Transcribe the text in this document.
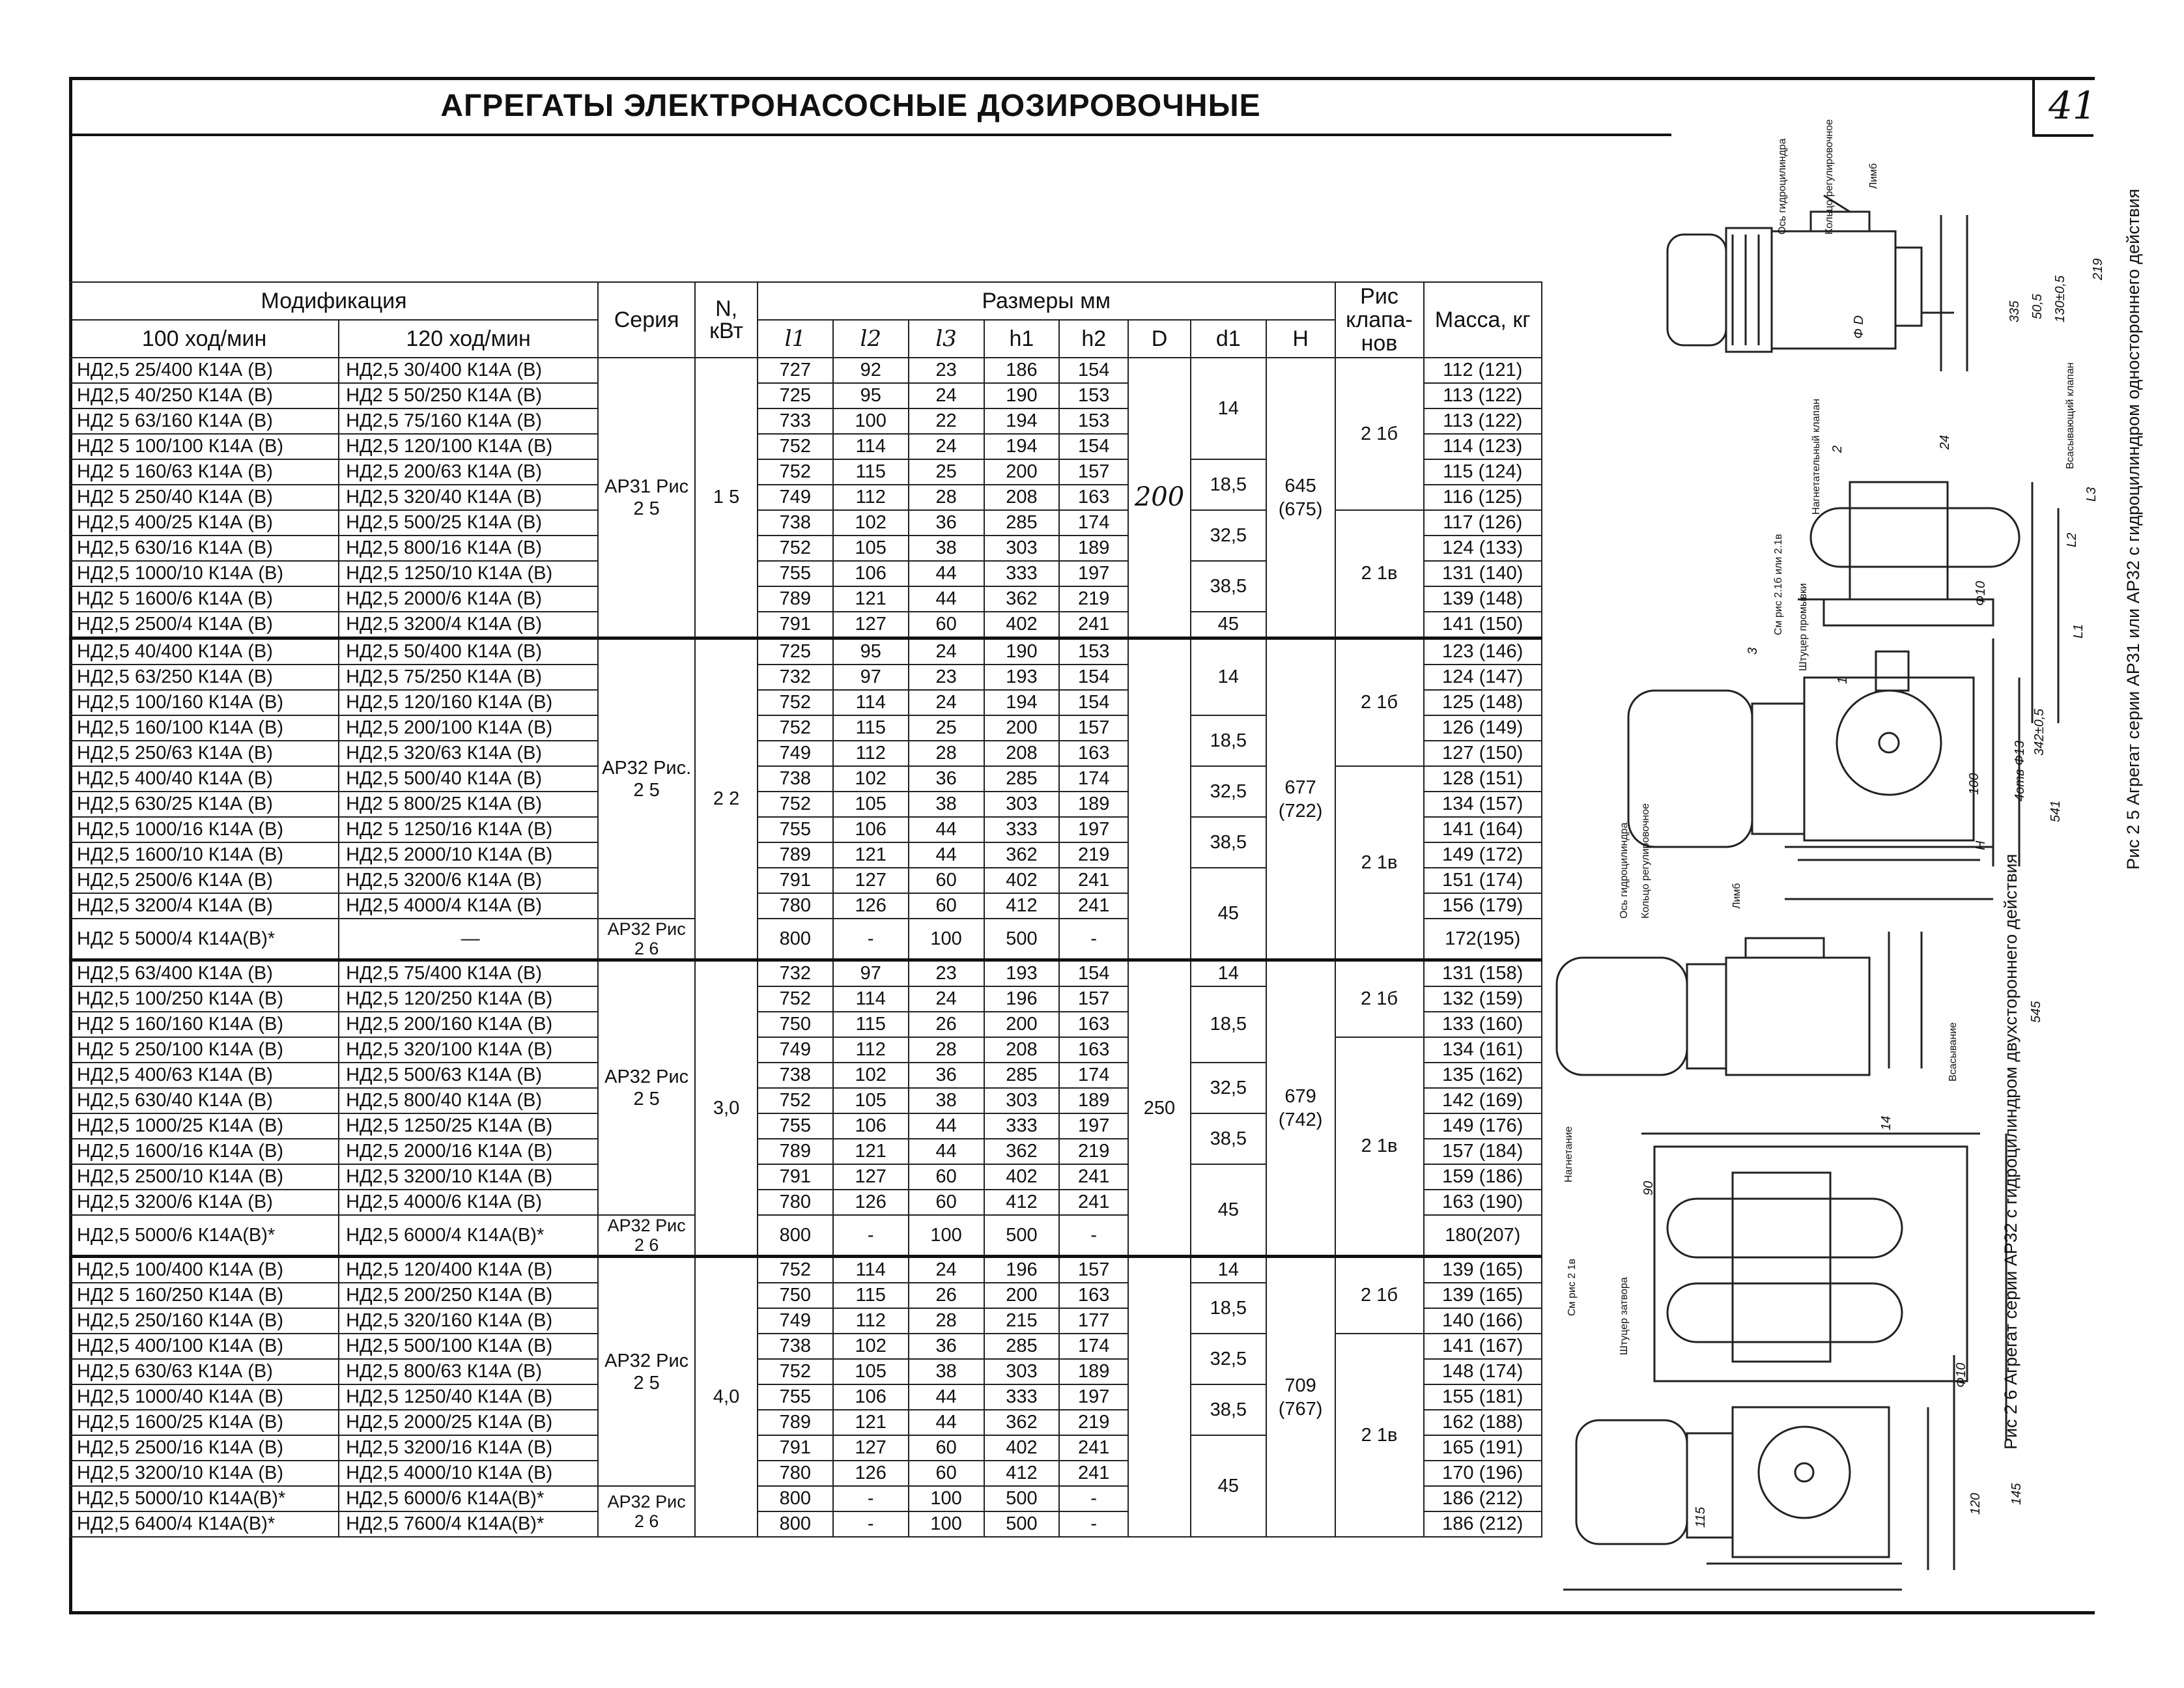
АГРЕГАТЫ ЭЛЕКТРОНАСОСНЫЕ ДОЗИРОВОЧНЫЕ	41
Модификация		Серия	N,
кВт	Размеры мм								Рис клапа-нов	Масса, кг
100 ход/мин	120 ход/мин			l1	l2	l3	h1	h2	D	d1	H		
НД2,5 25/400 К14А (В)	НД2,5 30/400 К14А (В)	АР31 Рис 2 5	1 5	727	92	23	186	154	200	14	645 (675)	2 1б	112 (121)
НД2,5 40/250 К14А (В)	НД2 5 50/250 К14А (В)			725	95	24	190	153					113 (122)
НД2 5 63/160 К14А (В)	НД2,5 75/160 К14А (В)			733	100	22	194	153					113 (122)
НД2 5 100/100 К14А (В)	НД2,5 120/100 К14А (В)			752	114	24	194	154					114 (123)
НД2 5 160/63 К14А (В)	НД2,5 200/63 К14А (В)			752	115	25	200	157		18,5			115 (124)
НД2 5 250/40 К14А (В)	НД2,5 320/40 К14А (В)			749	112	28	208	163					116 (125)
НД2,5 400/25 К14А (В)	НД2,5 500/25 К14А (В)			738	102	36	285	174		32,5		2 1в	117 (126)
НД2,5 630/16 К14А (В)	НД2,5 800/16 К14А (В)			752	105	38	303	189					124 (133)
НД2,5 1000/10 К14А (В)	НД2,5 1250/10 К14А (В)			755	106	44	333	197		38,5			131 (140)
НД2 5 1600/6 К14А (В)	НД2,5 2000/6 К14А (В)			789	121	44	362	219					139 (148)
НД2,5 2500/4 К14А (В)	НД2,5 3200/4 К14А (В)			791	127	60	402	241		45			141 (150)
НД2,5 40/400 К14А (В)	НД2,5 50/400 К14А (В)	АР32 Рис. 2 5	2 2	725	95	24	190	153		14	677 (722)	2 1б	123 (146)
НД2,5 63/250 К14А (В)	НД2,5 75/250 К14А (В)			732	97	23	193	154					124 (147)
НД2,5 100/160 К14А (В)	НД2,5 120/160 К14А (В)			752	114	24	194	154					125 (148)
НД2,5 160/100 К14А (В)	НД2,5 200/100 К14А (В)			752	115	25	200	157		18,5			126 (149)
НД2,5 250/63 К14А (В)	НД2,5 320/63 К14А (В)			749	112	28	208	163					127 (150)
НД2,5 400/40 К14А (В)	НД2,5 500/40 К14А (В)			738	102	36	285	174		32,5		2 1в	128 (151)
НД2,5 630/25 К14А (В)	НД2 5 800/25 К14А (В)			752	105	38	303	189					134 (157)
НД2,5 1000/16 К14А (В)	НД2 5 1250/16 К14А (В)			755	106	44	333	197		38,5			141 (164)
НД2,5 1600/10 К14А (В)	НД2,5 2000/10 К14А (В)			789	121	44	362	219					149 (172)
НД2,5 2500/6 К14А (В)	НД2,5 3200/6 К14А (В)			791	127	60	402	241		45			151 (174)
НД2,5 3200/4 К14А (В)	НД2,5 4000/4 К14А (В)			780	126	60	412	241					156 (179)
НД2 5 5000/4 К14А(В)*	—	АР32 Рис 2 6		800	-	100	500	-					172(195)
НД2,5 63/400 К14А (В)	НД2,5 75/400 К14А (В)	АР32 Рис 2 5	3,0	732	97	23	193	154	250	14	679 (742)	2 1б	131 (158)
НД2,5 100/250 К14А (В)	НД2,5 120/250 К14А (В)			752	114	24	196	157		18,5			132 (159)
НД2 5 160/160 К14А (В)	НД2,5 200/160 К14А (В)			750	115	26	200	163					133 (160)
НД2 5 250/100 К14А (В)	НД2,5 320/100 К14А (В)			749	112	28	208	163				2 1в	134 (161)
НД2,5 400/63 К14А (В)	НД2,5 500/63 К14А (В)			738	102	36	285	174		32,5			135 (162)
НД2,5 630/40 К14А (В)	НД2,5 800/40 К14А (В)			752	105	38	303	189					142 (169)
НД2,5 1000/25 К14А (В)	НД2,5 1250/25 К14А (В)			755	106	44	333	197		38,5			149 (176)
НД2,5 1600/16 К14А (В)	НД2,5 2000/16 К14А (В)			789	121	44	362	219					157 (184)
НД2,5 2500/10 К14А (В)	НД2,5 3200/10 К14А (В)			791	127	60	402	241		45			159 (186)
НД2,5 3200/6 К14А (В)	НД2,5 4000/6 К14А (В)			780	126	60	412	241					163 (190)
НД2,5 5000/6 К14А(В)*	НД2,5 6000/4 К14А(В)*	АР32 Рис 2 6		800	-	100	500	-					180(207)
НД2,5 100/400 К14А (В)	НД2,5 120/400 К14А (В)	АР32 Рис 2 5	4,0	752	114	24	196	157		14	709 (767)	2 1б	139 (165)
НД2 5 160/250 К14А (В)	НД2,5 200/250 К14А (В)			750	115	26	200	163		18,5			139 (165)
НД2,5 250/160 К14А (В)	НД2,5 320/160 К14А (В)			749	112	28	215	177					140 (166)
НД2,5 400/100 К14А (В)	НД2,5 500/100 К14А (В)			738	102	36	285	174		32,5		2 1в	141 (167)
НД2,5 630/63 К14А (В)	НД2,5 800/63 К14А (В)			752	105	38	303	189					148 (174)
НД2,5 1000/40 К14А (В)	НД2,5 1250/40 К14А (В)			755	106	44	333	197		38,5			155 (181)
НД2,5 1600/25 К14А (В)	НД2,5 2000/25 К14А (В)			789	121	44	362	219					162 (188)
НД2,5 2500/16 К14А (В)	НД2,5 3200/16 К14А (В)			791	127	60	402	241		45			165 (191)
НД2,5 3200/10 К14А (В)	НД2,5 4000/10 К14А (В)			780	126	60	412	241					170 (196)
НД2,5 5000/10 К14А(В)*	НД2,5 6000/6 К14А(В)*	АР32 Рис 2 6		800	-	100	500	-					186 (212)
НД2,5 6400/4 К14А(В)*	НД2,5 7600/4 К14А(В)*			800	-	100	500	-					186 (212)
Рис 2 5 Агрегат серии АР31 или АР32 с гидроцилиндром одностороннего действия
Рис 2 6 Агрегат серии АР32 с гидроцилиндром двухстороннего действия
Ось гидроцилиндра	Кольцо регулировочное	Лимб
Нагнетательный клапан	Всасывающий клапан
См рис 2.1б или 2.1в Штуцер промывки
Ось гидроцилиндра Кольцо регулировочное	Лимб
Нагнетание
Всасывание
См рис 2 1в	Штуцер затвора
219
130±0,5
50,5
335
Ф D
24
L3
L2
L1
Ф10
4отв Ф13
342±0,5
100
541
H
1
2
3
90
14
Ф10
145
120
115
545
